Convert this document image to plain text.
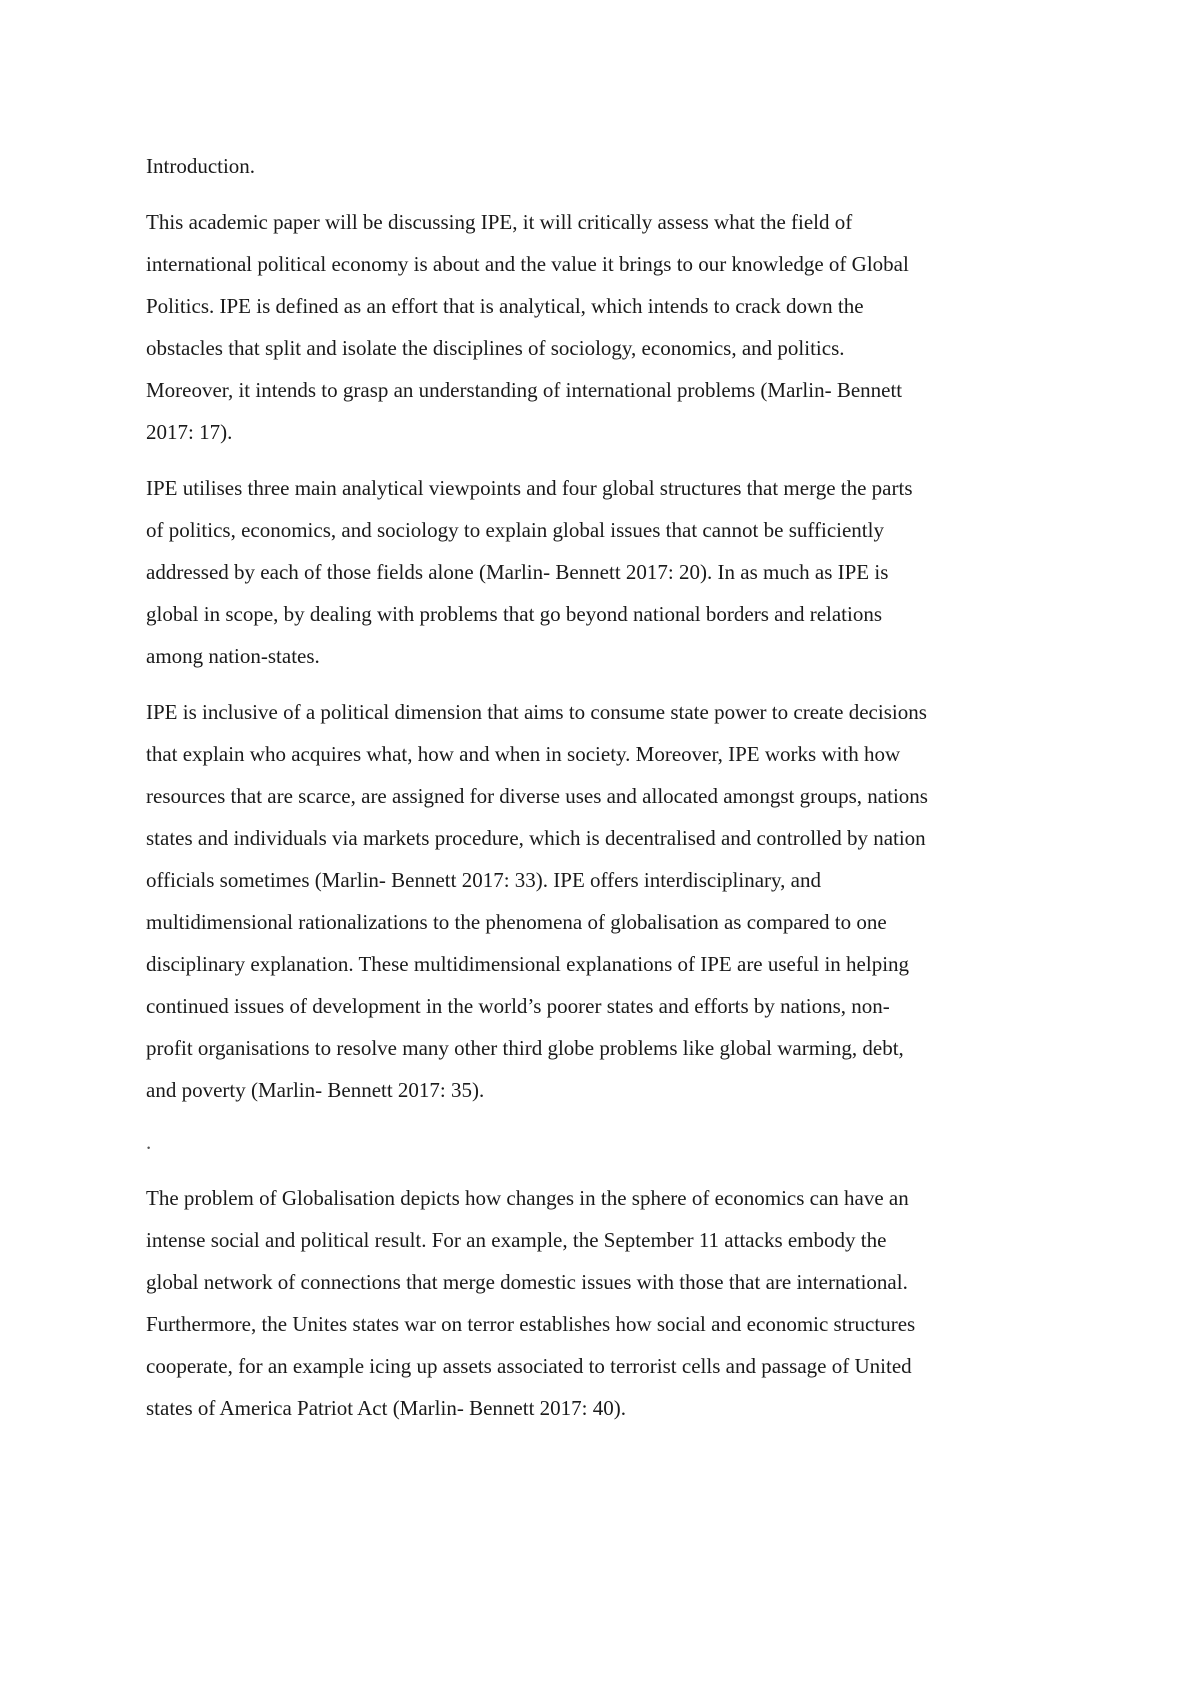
Introduction.
This academic paper will be discussing IPE, it will critically assess what the field of
international political economy is about and the value it brings to our knowledge of Global
Politics. IPE is defined as an effort that is analytical, which intends to crack down the
obstacles that split and isolate the disciplines of sociology, economics, and politics.
Moreover, it intends to grasp an understanding of international problems (Marlin- Bennett
2017: 17).
IPE utilises three main analytical viewpoints and four global structures that merge the parts
of politics, economics, and sociology to explain global issues that cannot be sufficiently
addressed by each of those fields alone (Marlin- Bennett 2017: 20). In as much as IPE is
global in scope, by dealing with problems that go beyond national borders and relations
among nation-states.
IPE is inclusive of a political dimension that aims to consume state power to create decisions
that explain who acquires what, how and when in society. Moreover, IPE works with how
resources that are scarce, are assigned for diverse uses and allocated amongst groups, nations
states and individuals via markets procedure, which is decentralised and controlled by nation
officials sometimes (Marlin- Bennett 2017: 33). IPE offers interdisciplinary, and
multidimensional rationalizations to the phenomena of globalisation as compared to one
disciplinary explanation. These multidimensional explanations of IPE are useful in helping
continued issues of development in the world’s poorer states and efforts by nations, non-
profit organisations to resolve many other third globe problems like global warming, debt,
and poverty (Marlin- Bennett 2017: 35).
.
The problem of Globalisation depicts how changes in the sphere of economics can have an
intense social and political result. For an example, the September 11 attacks embody the
global network of connections that merge domestic issues with those that are international.
Furthermore, the Unites states war on terror establishes how social and economic structures
cooperate, for an example icing up assets associated to terrorist cells and passage of United
states of America Patriot Act (Marlin- Bennett 2017: 40).
